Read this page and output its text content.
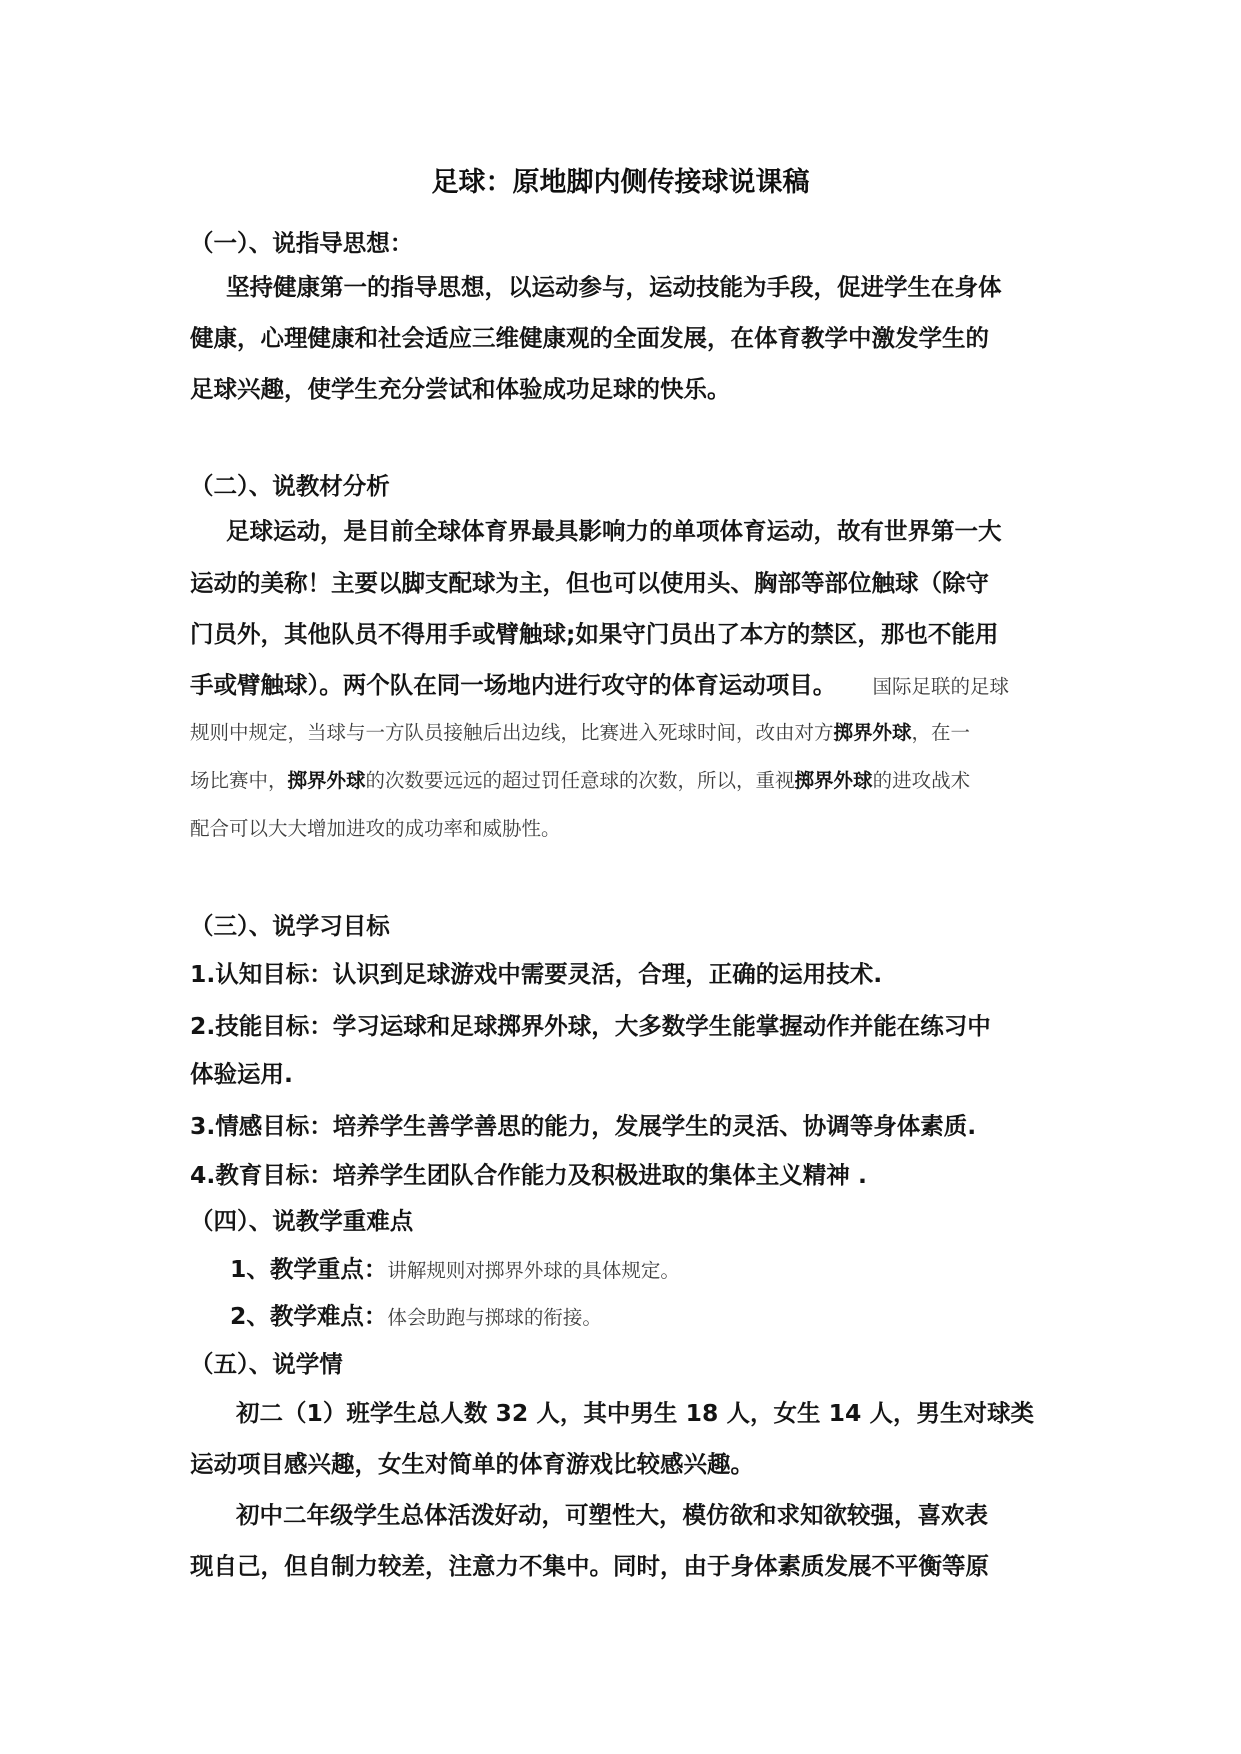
足球：原地脚内侧传接球说课稿
（一）、说指导思想：
坚持健康第一的指导思想，以运动参与，运动技能为手段，促进学生在身体
健康，心理健康和社会适应三维健康观的全面发展，在体育教学中激发学生的
足球兴趣，使学生充分尝试和体验成功足球的快乐。
（二）、说教材分析
足球运动，是目前全球体育界最具影响力的单项体育运动，故有世界第一大
运动的美称！主要以脚支配球为主，但也可以使用头、胸部等部位触球（除守
门员外，其他队员不得用手或臂触球;如果守门员出了本方的禁区，那也不能用
手或臂触球）。两个队在同一场地内进行攻守的体育运动项目。 国际足联的足球
规则中规定，当球与一方队员接触后出边线，比赛进入死球时间，改由对方掷界外球，在一
场比赛中，掷界外球的次数要远远的超过罚任意球的次数，所以，重视掷界外球的进攻战术
配合可以大大增加进攻的成功率和威胁性。
（三）、说学习目标
1.认知目标：认识到足球游戏中需要灵活，合理，正确的运用技术.
2.技能目标：学习运球和足球掷界外球，大多数学生能掌握动作并能在练习中
体验运用.
3.情感目标：培养学生善学善思的能力，发展学生的灵活、协调等身体素质.
4.教育目标：培养学生团队合作能力及积极进取的集体主义精神 .
（四）、说教学重难点
1、教学重点：讲解规则对掷界外球的具体规定。
2、教学难点：体会助跑与掷球的衔接。
（五）、说学情
初二（1）班学生总人数 32 人，其中男生 18 人，女生 14 人，男生对球类
运动项目感兴趣，女生对简单的体育游戏比较感兴趣。
初中二年级学生总体活泼好动，可塑性大，模仿欲和求知欲较强，喜欢表
现自己，但自制力较差，注意力不集中。同时，由于身体素质发展不平衡等原
